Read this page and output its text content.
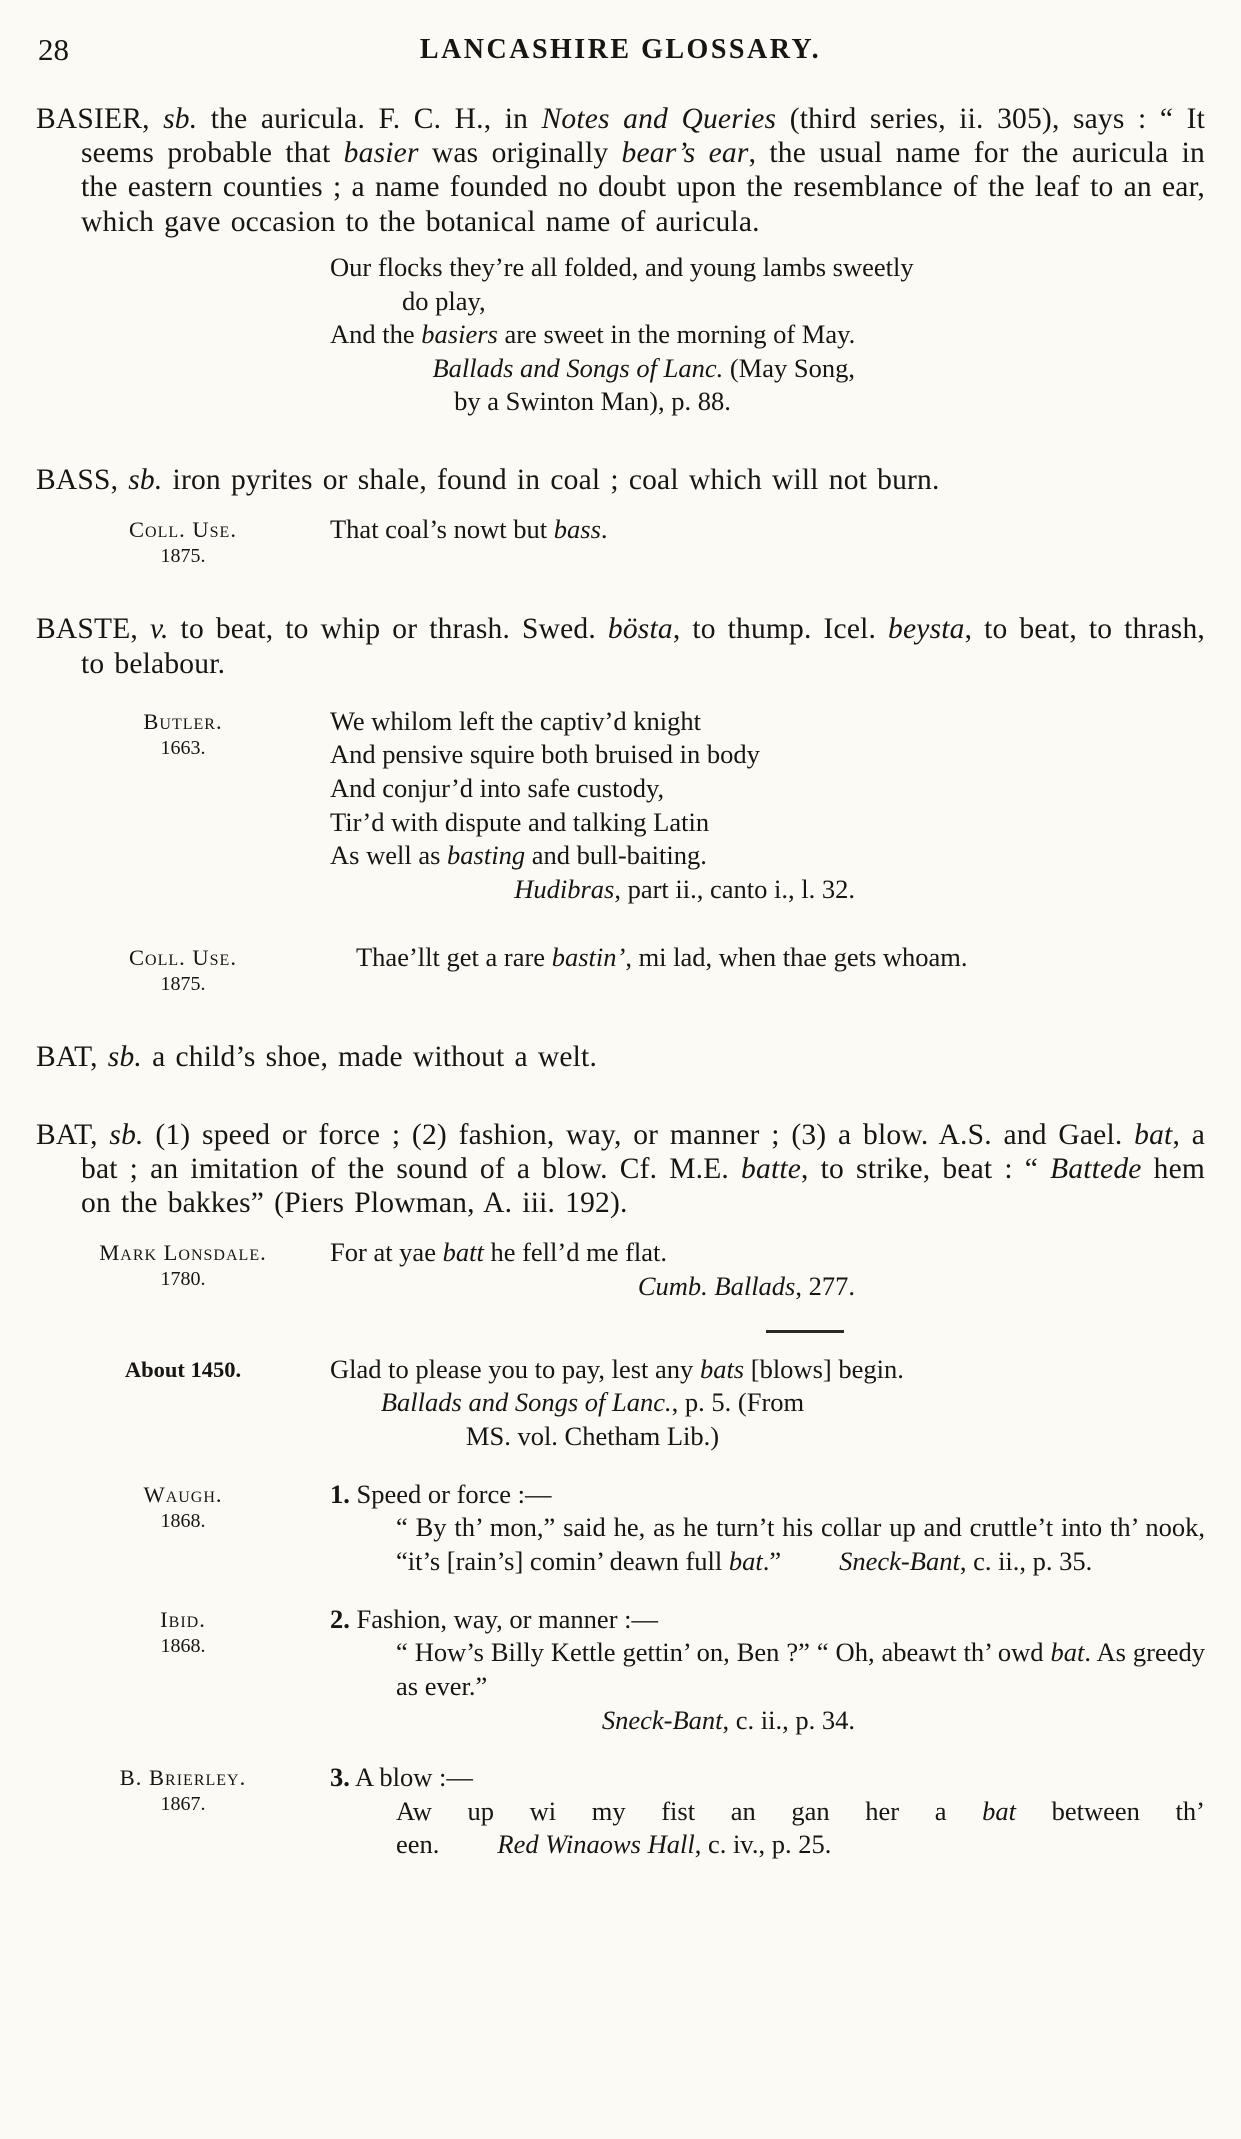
28	LANCASHIRE GLOSSARY.

BASIER, sb. the auricula. F. C. H., in Notes and Queries (third series, ii. 305), says : “ It seems probable that basier was originally bear’s ear, the usual name for the auricula in the eastern counties ; a name founded no doubt upon the resemblance of the leaf to an ear, which gave occasion to the botanical name of auricula.

Our flocks they’re all folded, and young lambs sweetly
do play,
And the basiers are sweet in the morning of May.
Ballads and Songs of Lanc. (May Song,
by a Swinton Man), p. 88.

BASS, sb. iron pyrites or shale, found in coal ; coal which will not burn.

Coll. Use.
1875.

That coal’s nowt but bass.

BASTE, v. to beat, to whip or thrash. Swed. bösta, to thump. Icel. beysta, to beat, to thrash, to belabour.

Butler.
1663.
We whilom left the captiv’d knight
And pensive squire both bruised in body
And conjur’d into safe custody,
Tir’d with dispute and talking Latin
As well as basting and bull-baiting.
Hudibras, part ii., canto i., l. 32.
Coll. Use.
1875.

Thae’llt get a rare bastin’, mi lad, when thae gets whoam.

BAT, sb. a child’s shoe, made without a welt.

BAT, sb. (1) speed or force ; (2) fashion, way, or manner ; (3) a blow. A.S. and Gael. bat, a bat ; an imitation of the sound of a blow. Cf. M.E. batte, to strike, beat : “ Battede hem on the bakkes” (Piers Plowman, A. iii. 192).

Mark Lonsdale.
1780.
For at yae batt he fell’d me flat.
Cumb. Ballads, 277.
About 1450.	Glad to please you to pay, lest any bats [blows] begin.
Ballads and Songs of Lanc., p. 5. (From
MS. vol. Chetham Lib.)
Waugh.
1868.
1. Speed or force :—

“ By th’ mon,” said he, as he turn’t his collar up and cruttle’t into th’ nook, “it’s [rain’s] comin’ deawn full bat.” Sneck-Bant, c. ii., p. 35.

Ibid.
1868.
2. Fashion, way, or manner :—

“ How’s Billy Kettle gettin’ on, Ben ?” “ Oh, abeawt th’ owd bat. As greedy as ever.”

Sneck-Bant, c. ii., p. 34.
B. Brierley.
1867.
3. A blow :—

Aw up wi my fist an gan her a bat between th’ een. Red Winaows Hall, c. iv., p. 25.
